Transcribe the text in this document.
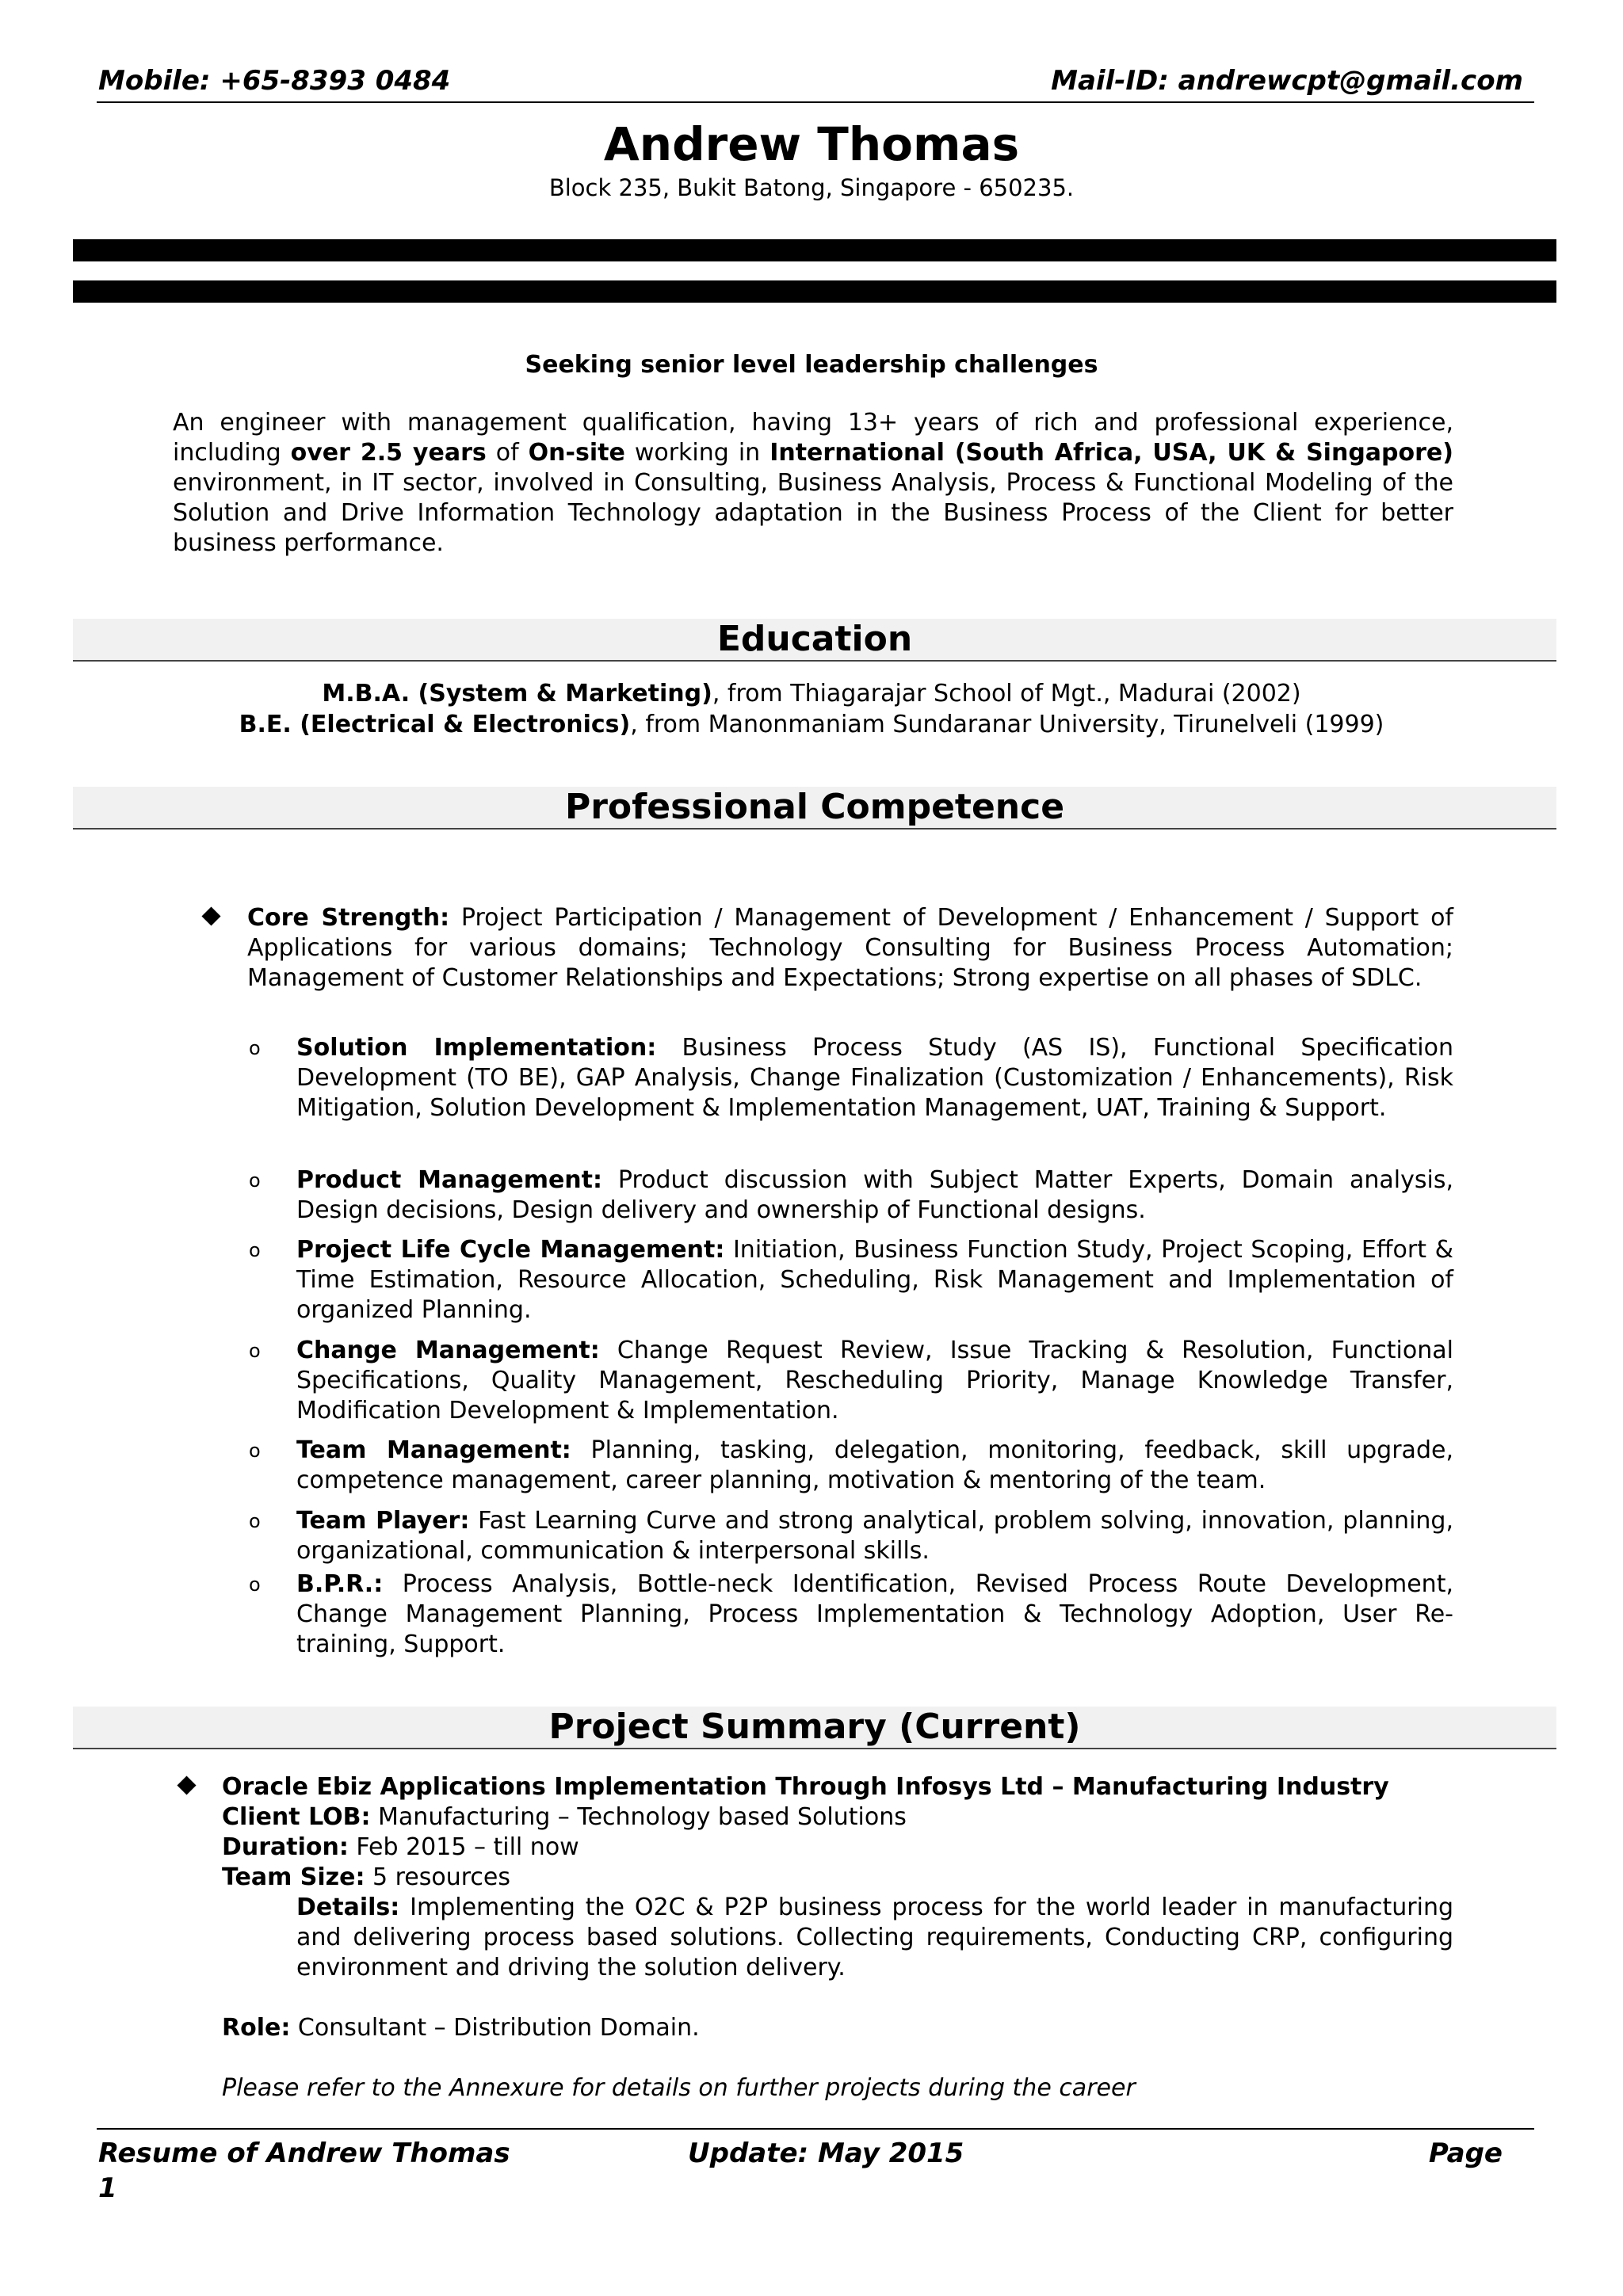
Mobile: +65-8393 0484	Mail-ID: andrewcpt@gmail.com
Andrew Thomas
Block 235, Bukit Batong, Singapore - 650235.
Seeking senior level leadership challenges
An engineer with management qualification, having 13+ years of rich and professional experience, including over 2.5 years of On-site working in International (South Africa, USA, UK & Singapore) environment, in IT sector, involved in Consulting, Business Analysis, Process & Functional Modeling of the Solution and Drive Information Technology adaptation in the Business Process of the Client for better business performance.
Education
M.B.A. (System & Marketing), from Thiagarajar School of Mgt., Madurai (2002)
B.E. (Electrical & Electronics), from Manonmaniam Sundaranar University, Tirunelveli (1999)
Professional Competence
Core Strength: Project Participation / Management of Development / Enhancement / Support of Applications for various domains; Technology Consulting for Business Process Automation; Management of Customer Relationships and Expectations; Strong expertise on all phases of SDLC.
o Solution Implementation: Business Process Study (AS IS), Functional Specification Development (TO BE), GAP Analysis, Change Finalization (Customization / Enhancements), Risk Mitigation, Solution Development & Implementation Management, UAT, Training & Support.
o Product Management: Product discussion with Subject Matter Experts, Domain analysis, Design decisions, Design delivery and ownership of Functional designs.
o Project Life Cycle Management: Initiation, Business Function Study, Project Scoping, Effort & Time Estimation, Resource Allocation, Scheduling, Risk Management and Implementation of organized Planning.
o Change Management: Change Request Review, Issue Tracking & Resolution, Functional Specifications, Quality Management, Rescheduling Priority, Manage Knowledge Transfer, Modification Development & Implementation.
o Team Management: Planning, tasking, delegation, monitoring, feedback, skill upgrade, competence management, career planning, motivation & mentoring of the team.
o Team Player: Fast Learning Curve and strong analytical, problem solving, innovation, planning, organizational, communication & interpersonal skills.
o B.P.R.: Process Analysis, Bottle-neck Identification, Revised Process Route Development, Change Management Planning, Process Implementation & Technology Adoption, User Re-training, Support.
Project Summary (Current)
Oracle Ebiz Applications Implementation Through Infosys Ltd – Manufacturing Industry
Client LOB: Manufacturing – Technology based Solutions
Duration: Feb 2015 – till now
Team Size: 5 resources
Details: Implementing the O2C & P2P business process for the world leader in manufacturing and delivering process based solutions. Collecting requirements, Conducting CRP, configuring environment and driving the solution delivery.
Role: Consultant – Distribution Domain.
Please refer to the Annexure for details on further projects during the career
Resume of Andrew Thomas	Update: May 2015	Page
1
